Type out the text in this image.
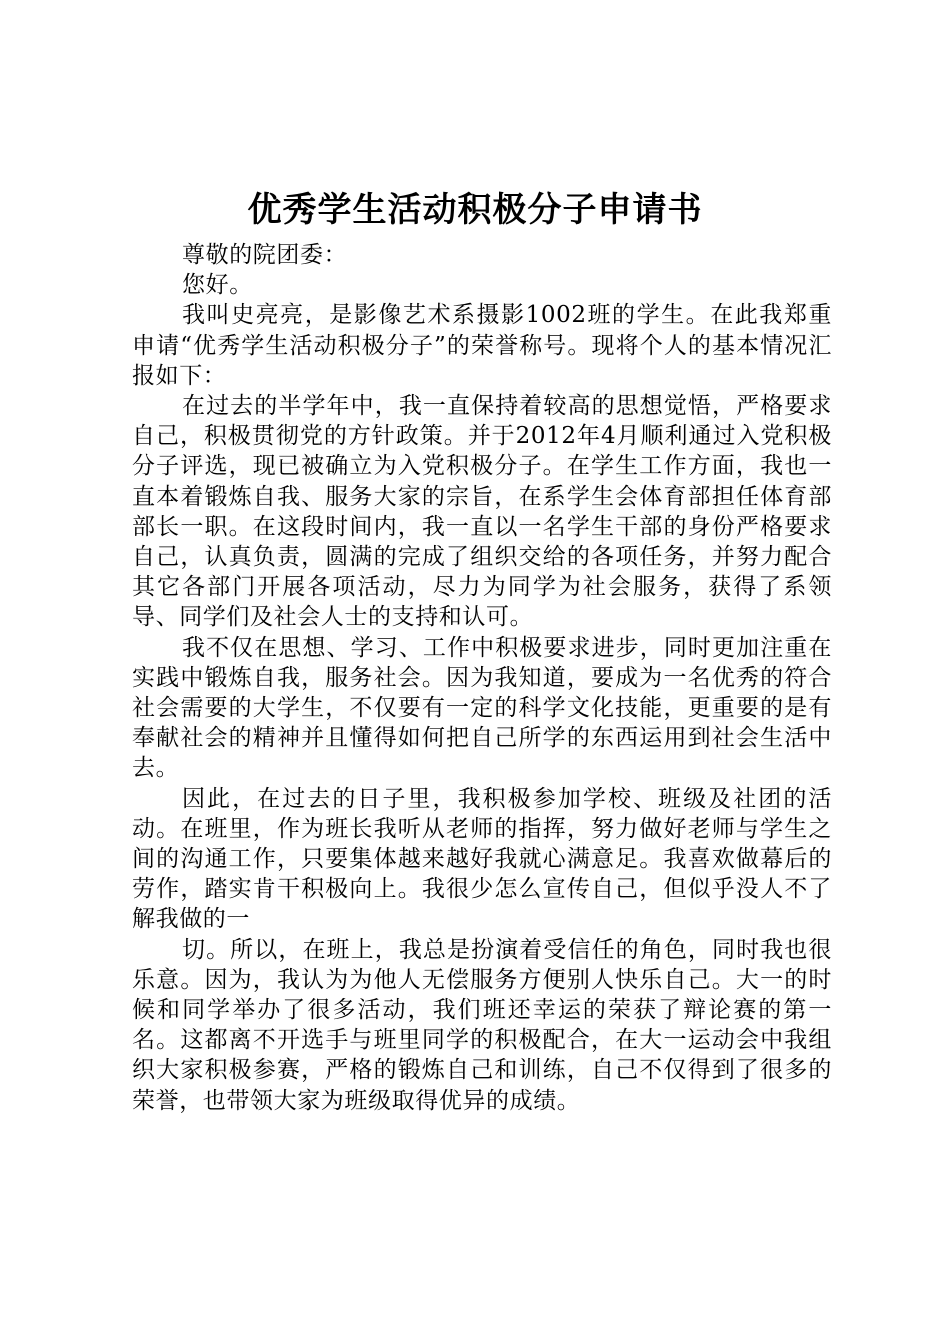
优秀学生活动积极分子申请书

尊敬的院团委：

您好。

我叫史亮亮，是影像艺术系摄影1002班的学生。在此我郑重申请“优秀学生活动积极分子”的荣誉称号。现将个人的基本情况汇报如下：

在过去的半学年中，我一直保持着较高的思想觉悟，严格要求自己，积极贯彻党的方针政策。并于2012年4月顺利通过入党积极分子评选，现已被确立为入党积极分子。在学生工作方面，我也一直本着锻炼自我、服务大家的宗旨，在系学生会体育部担任体育部部长一职。在这段时间内，我一直以一名学生干部的身份严格要求自己，认真负责，圆满的完成了组织交给的各项任务，并努力配合其它各部门开展各项活动，尽力为同学为社会服务，获得了系领导、同学们及社会人士的支持和认可。

我不仅在思想、学习、工作中积极要求进步，同时更加注重在实践中锻炼自我，服务社会。因为我知道，要成为一名优秀的符合社会需要的大学生，不仅要有一定的科学文化技能，更重要的是有奉献社会的精神并且懂得如何把自己所学的东西运用到社会生活中去。

因此，在过去的日子里，我积极参加学校、班级及社团的活动。在班里，作为班长我听从老师的指挥，努力做好老师与学生之间的沟通工作，只要集体越来越好我就心满意足。我喜欢做幕后的劳作，踏实肯干积极向上。我很少怎么宣传自己，但似乎没人不了解我做的一

切。所以，在班上，我总是扮演着受信任的角色，同时我也很乐意。因为，我认为为他人无偿服务方便别人快乐自己。大一的时候和同学举办了很多活动，我们班还幸运的荣获了辩论赛的第一名。这都离不开选手与班里同学的积极配合，在大一运动会中我组织大家积极参赛，严格的锻炼自己和训练，自己不仅得到了很多的荣誉，也带领大家为班级取得优异的成绩。
